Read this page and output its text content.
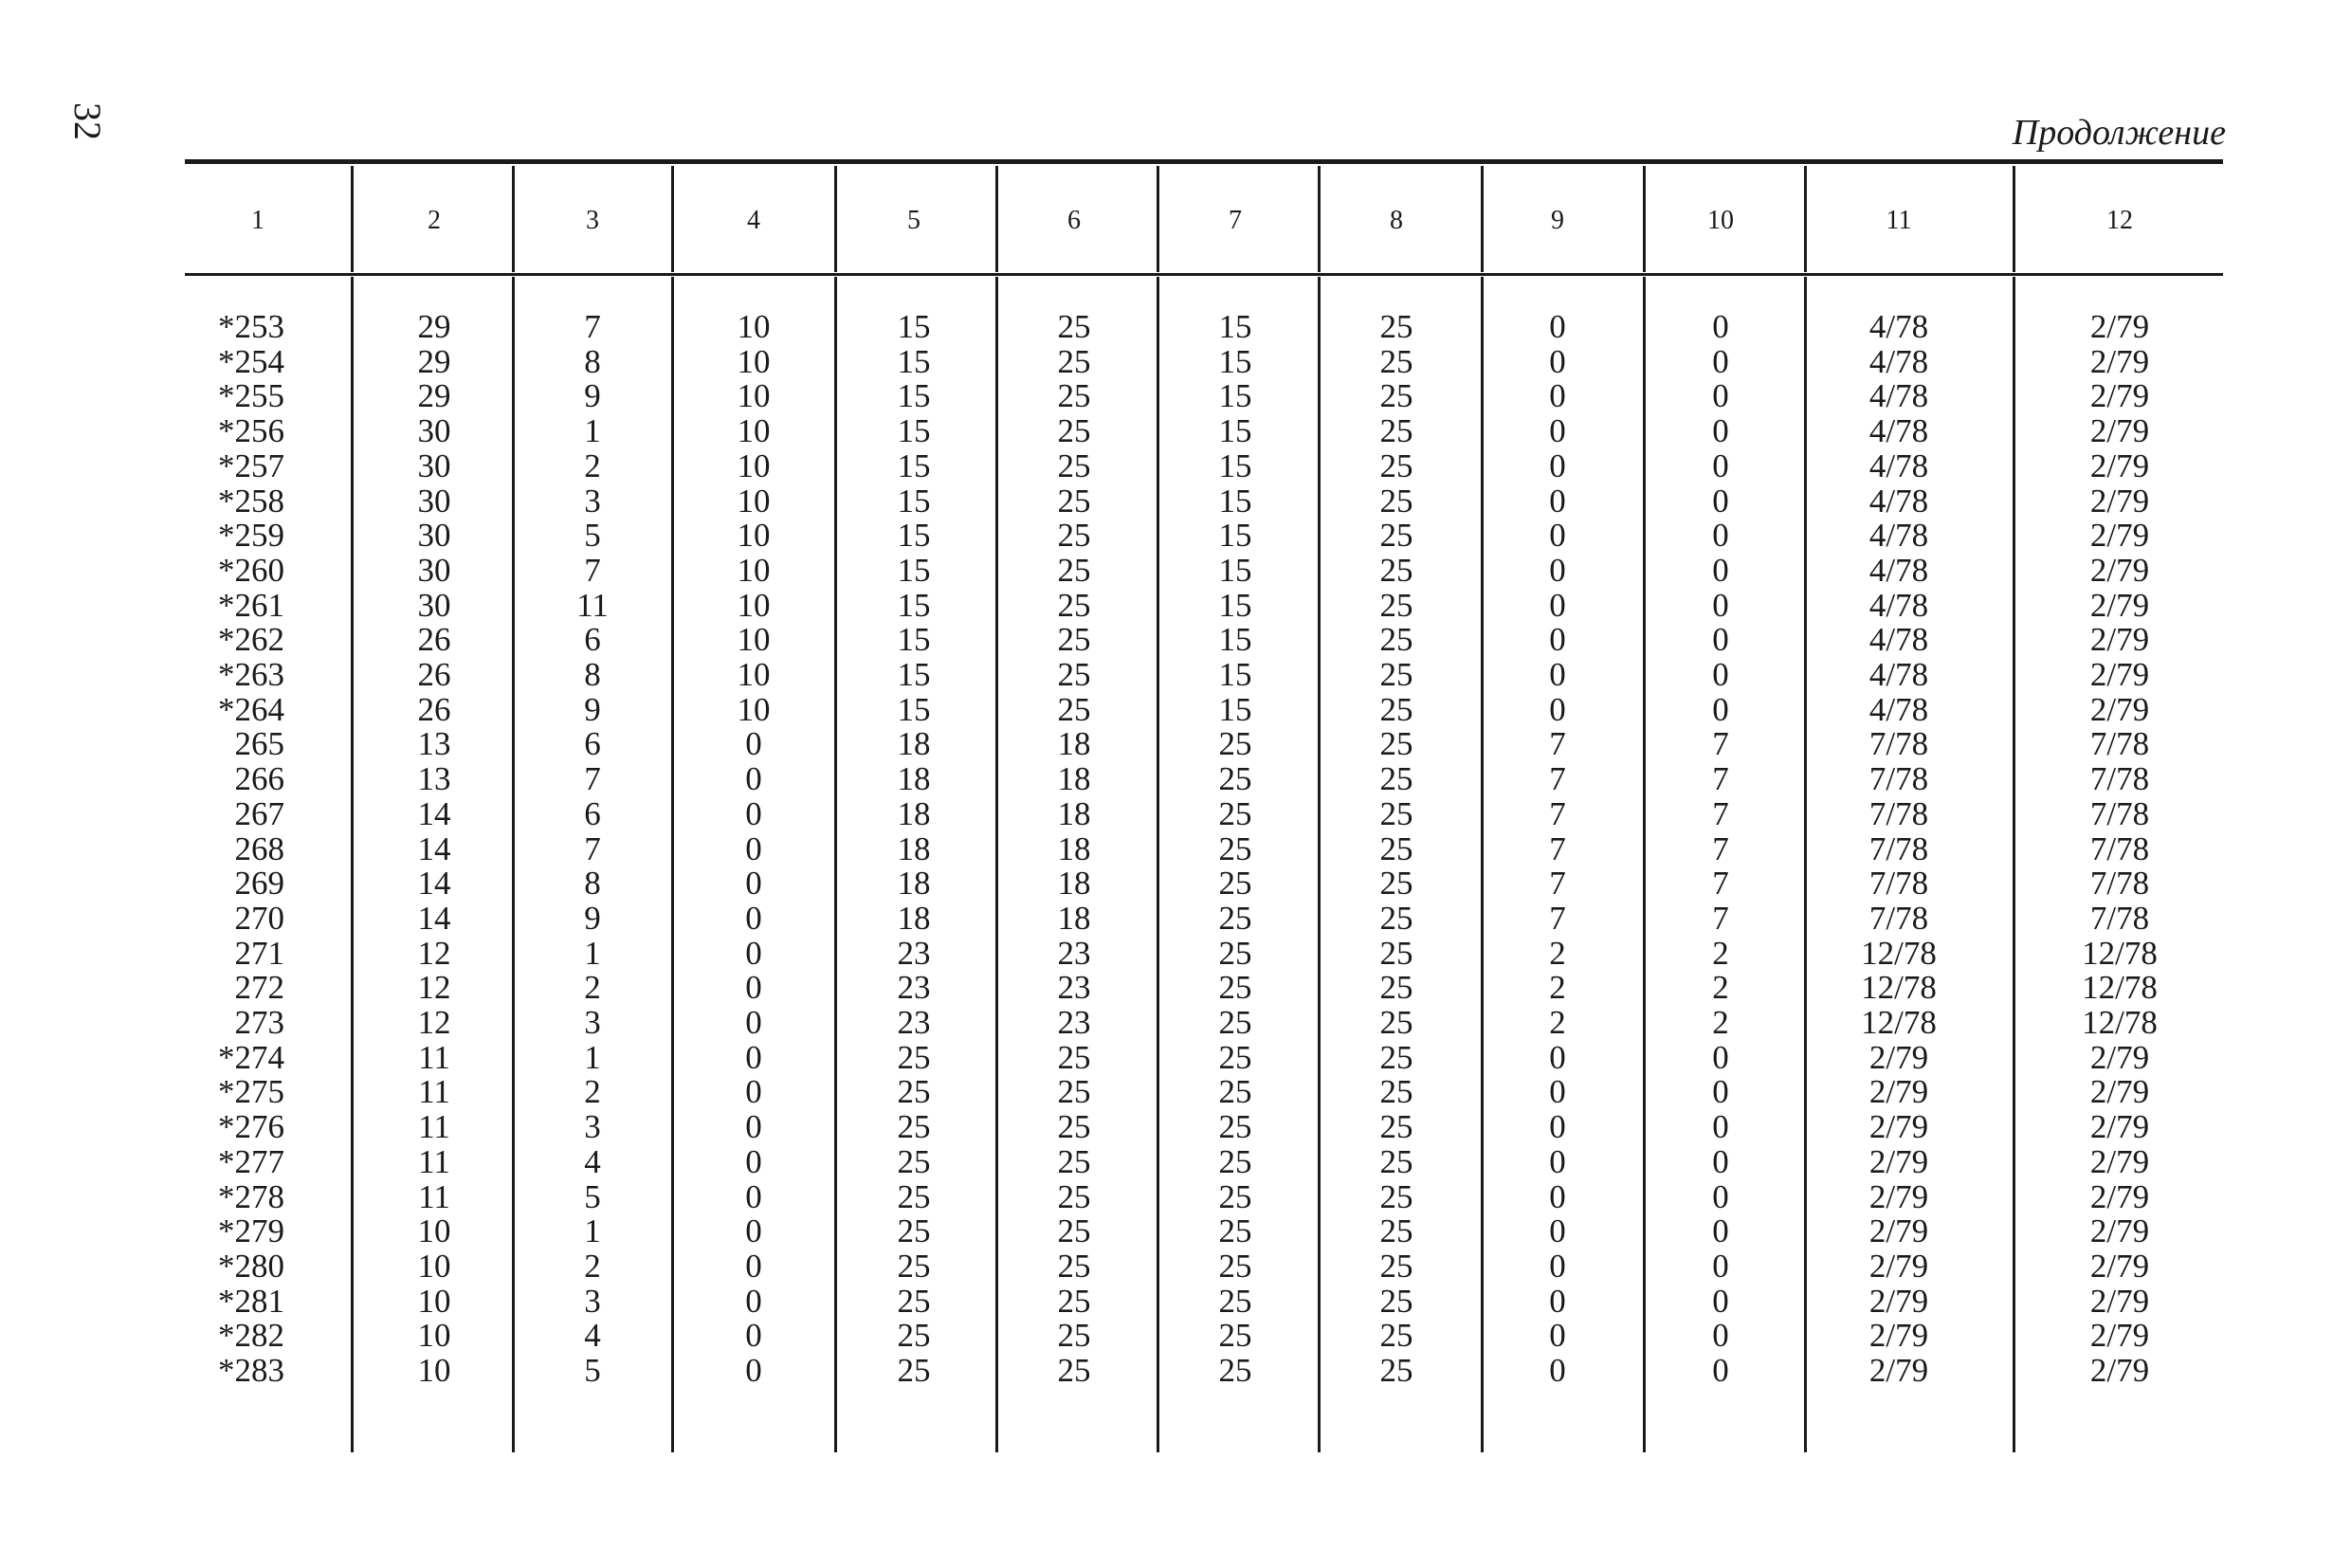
32	Продолжение
1	2	3	4	5	6	7	8	9	10	11	12
*253	29	7	10	15	25	15	25	0	0	4/78	2/79
*254	29	8	10	15	25	15	25	0	0	4/78	2/79
*255	29	9	10	15	25	15	25	0	0	4/78	2/79
*256	30	1	10	15	25	15	25	0	0	4/78	2/79
*257	30	2	10	15	25	15	25	0	0	4/78	2/79
*258	30	3	10	15	25	15	25	0	0	4/78	2/79
*259	30	5	10	15	25	15	25	0	0	4/78	2/79
*260	30	7	10	15	25	15	25	0	0	4/78	2/79
*261	30	11	10	15	25	15	25	0	0	4/78	2/79
*262	26	6	10	15	25	15	25	0	0	4/78	2/79
*263	26	8	10	15	25	15	25	0	0	4/78	2/79
*264	26	9	10	15	25	15	25	0	0	4/78	2/79
265	13	6	0	18	18	25	25	7	7	7/78	7/78
266	13	7	0	18	18	25	25	7	7	7/78	7/78
267	14	6	0	18	18	25	25	7	7	7/78	7/78
268	14	7	0	18	18	25	25	7	7	7/78	7/78
269	14	8	0	18	18	25	25	7	7	7/78	7/78
270	14	9	0	18	18	25	25	7	7	7/78	7/78
271	12	1	0	23	23	25	25	2	2	12/78	12/78
272	12	2	0	23	23	25	25	2	2	12/78	12/78
273	12	3	0	23	23	25	25	2	2	12/78	12/78
*274	11	1	0	25	25	25	25	0	0	2/79	2/79
*275	11	2	0	25	25	25	25	0	0	2/79	2/79
*276	11	3	0	25	25	25	25	0	0	2/79	2/79
*277	11	4	0	25	25	25	25	0	0	2/79	2/79
*278	11	5	0	25	25	25	25	0	0	2/79	2/79
*279	10	1	0	25	25	25	25	0	0	2/79	2/79
*280	10	2	0	25	25	25	25	0	0	2/79	2/79
*281	10	3	0	25	25	25	25	0	0	2/79	2/79
*282	10	4	0	25	25	25	25	0	0	2/79	2/79
*283	10	5	0	25	25	25	25	0	0	2/79	2/79
